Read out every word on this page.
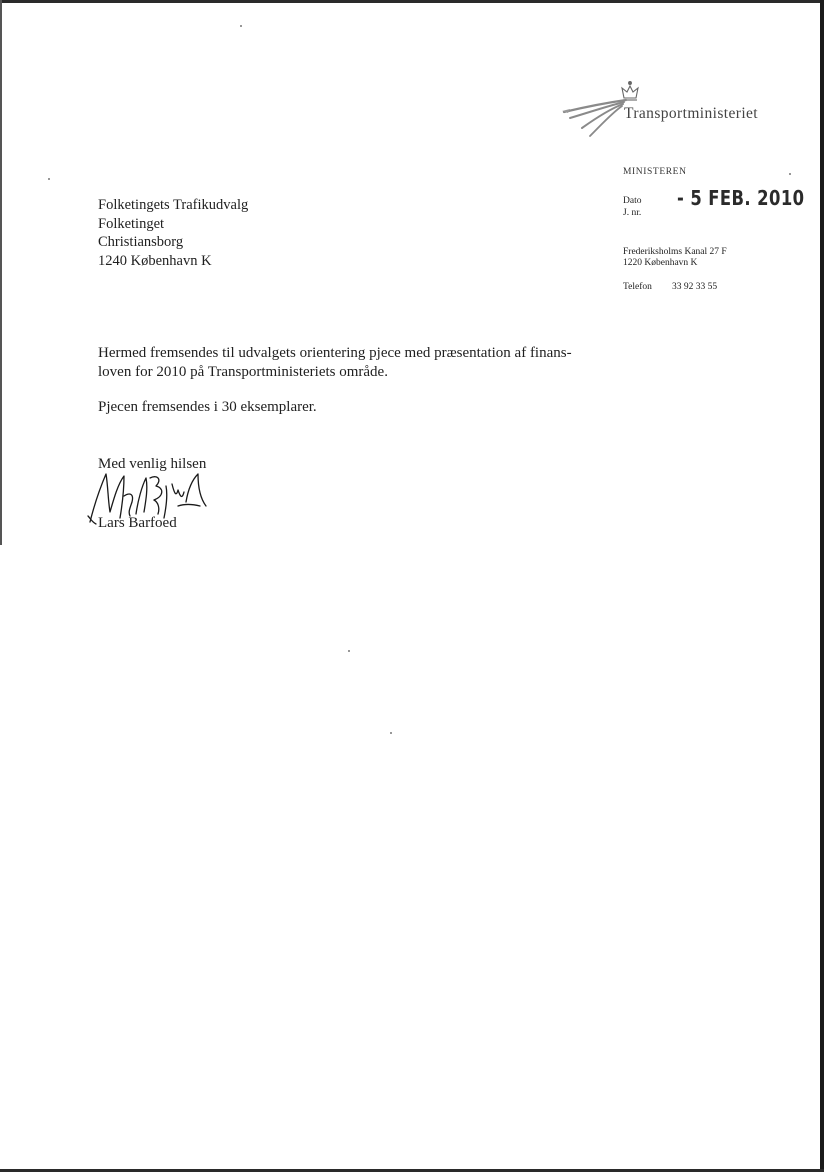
Transportministeriet
MINISTEREN
Dato
J. nr.
- 5 FEB. 2010
Frederiksholms Kanal 27 F
1220 København K
Telefon 33 92 33 55
Folketingets Trafikudvalg
Folketinget
Christiansborg
1240 København K

Hermed fremsendes til udvalgets orientering pjece med præsentation af finans-
loven for 2010 på Transportministeriets område.

Pjecen fremsendes i 30 eksemplarer.

Med venlig hilsen
Lars Barfoed
